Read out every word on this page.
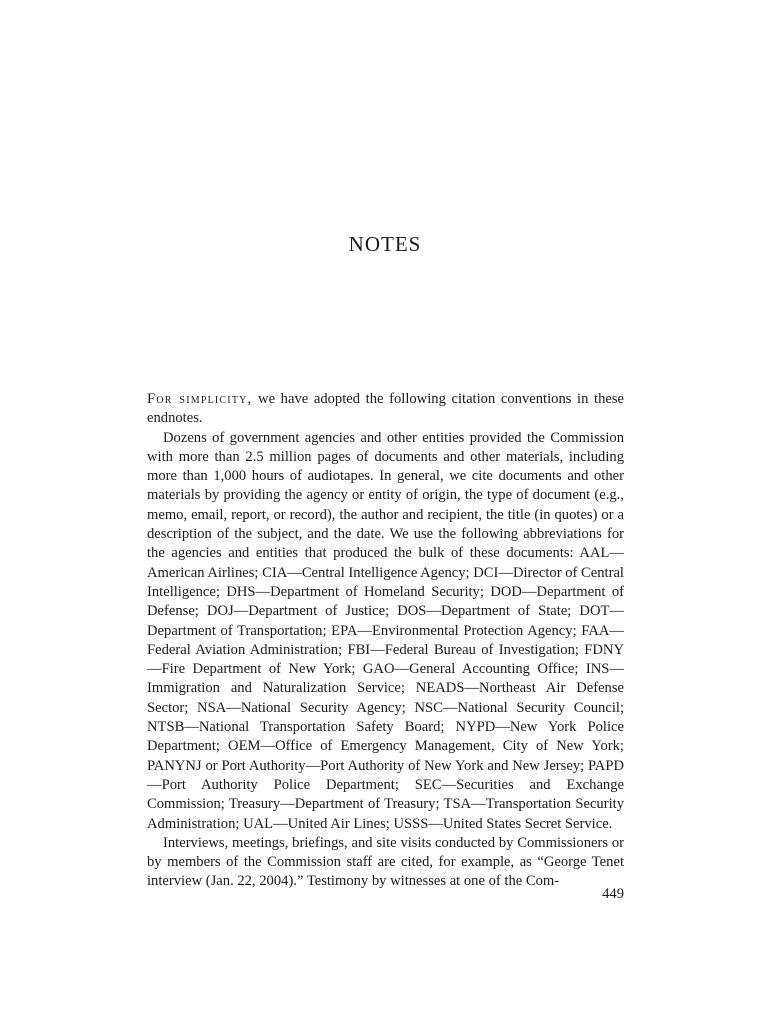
NOTES

For simplicity, we have adopted the following citation conventions in these endnotes.

Dozens of government agencies and other entities provided the Commission with more than 2.5 million pages of documents and other materials, including more than 1,000 hours of audiotapes. In general, we cite documents and other materials by providing the agency or entity of origin, the type of document (e.g., memo, email, report, or record), the author and recipient, the title (in quotes) or a description of the subject, and the date. We use the following abbreviations for the agencies and entities that produced the bulk of these documents: AAL—American Airlines; CIA—Central Intelligence Agency; DCI—Director of Central Intelligence; DHS—Department of Homeland Security; DOD—Department of Defense; DOJ—Department of Justice; DOS—Department of State; DOT—Department of Transportation; EPA—Environmental Protection Agency; FAA—Federal Aviation Administration; FBI—Federal Bureau of Investigation; FDNY—Fire Department of New York; GAO—General Accounting Office; INS—Immigration and Naturalization Service; NEADS—Northeast Air Defense Sector; NSA—National Security Agency; NSC—National Security Council; NTSB—National Transportation Safety Board; NYPD—New York Police Department; OEM—Office of Emergency Management, City of New York; PANYNJ or Port Authority—Port Authority of New York and New Jersey; PAPD—Port Authority Police Department; SEC—Securities and Exchange Commission; Treasury—Department of Treasury; TSA—Transportation Security Administration; UAL—United Air Lines; USSS—United States Secret Service.

Interviews, meetings, briefings, and site visits conducted by Commissioners or by members of the Commission staff are cited, for example, as “George Tenet interview (Jan. 22, 2004).” Testimony by witnesses at one of the Com-

449
